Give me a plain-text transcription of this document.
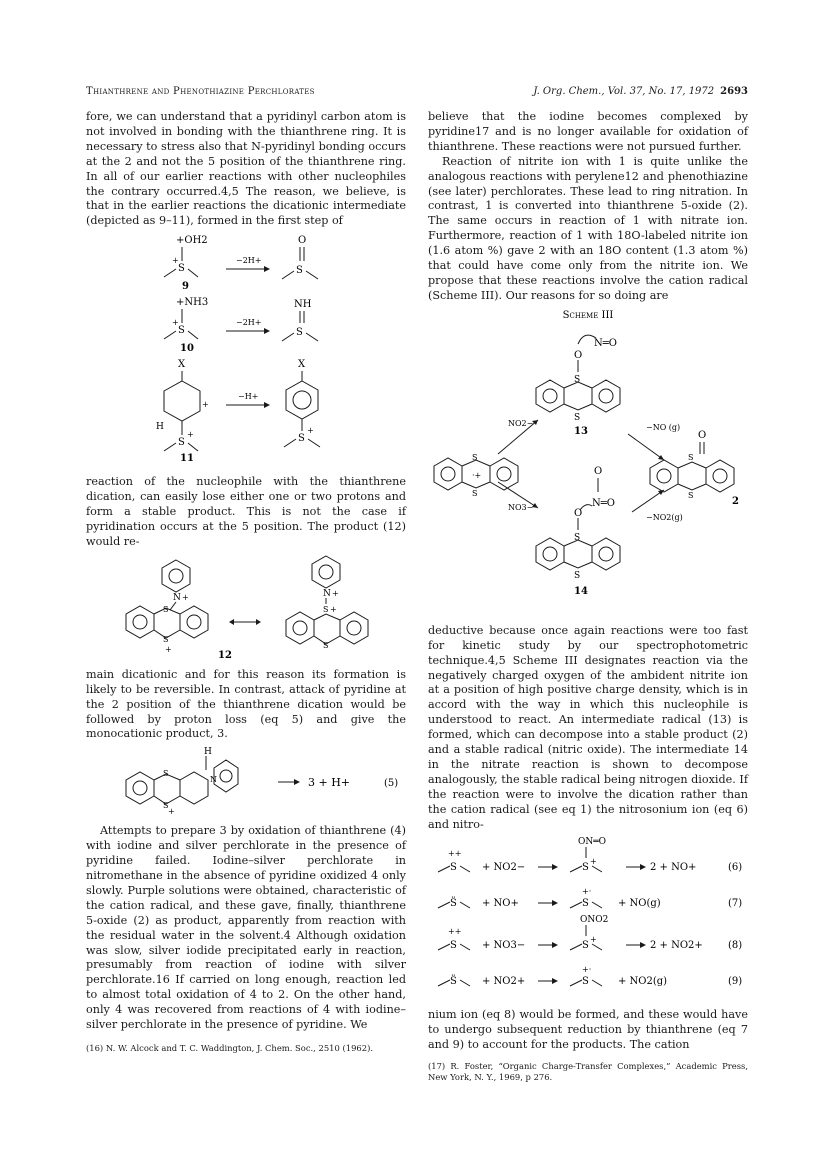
Thianthrene and Phenothiazine Perchlorates	J. Org. Chem., Vol. 37, No. 17, 1972 2693

fore, we can understand that a pyridinyl carbon atom is not involved in bonding with the thianthrene ring. It is necessary to stress also that N-pyridinyl bonding occurs at the 2 and not the 5 position of the thianthrene ring. In all of our earlier reactions with other nucleophiles the contrary occurred.4,5 The reason, we believe, is that in the earlier reactions the dicationic intermediate (depicted as 9–11), formed in the first step of

+OH2
S
+
9
−2H+
O
S
+NH3
S
+
10
−2H+
NH
S
X
+
H
S
+
11
−H+
X
S
+

reaction of the nucleophile with the thianthrene dication, can easily lose either one or two protons and form a stable product. This is not the case if pyridination occurs at the 5 position. The product (12) would re-

N +
S
S
+
N +
S +
S
12

main dicationic and for this reason its formation is likely to be reversible. In contrast, attack of pyridine at the 2 position of the thianthrene dication would be followed by proton loss (eq 5) and give the monocationic product, 3.

S
S
+
H
N	3 + H+	(5)

Attempts to prepare 3 by oxidation of thianthrene (4) with iodine and silver perchlorate in the presence of pyridine failed. Iodine–silver perchlorate in nitromethane in the absence of pyridine oxidized 4 only slowly. Purple solutions were obtained, characteristic of the cation radical, and these gave, finally, thianthrene 5-oxide (2) as product, apparently from reaction with the residual water in the solvent.4 Although oxidation was slow, silver iodide precipitated early in reaction, presumably from reaction of iodine with silver perchlorate.16 If carried on long enough, reaction led to almost total oxidation of 4 to 2. On the other hand, only 4 was recovered from reactions of 4 with iodine–silver perchlorate in the presence of pyridine. We

(16) N. W. Alcock and T. C. Waddington, J. Chem. Soc., 2510 (1962).

believe that the iodine becomes complexed by pyridine17 and is no longer available for oxidation of thianthrene. These reactions were not pursued further.

Reaction of nitrite ion with 1 is quite unlike the analogous reactions with perylene12 and phenothiazine (see later) perchlorates. These lead to ring nitration. In contrast, 1 is converted into thianthrene 5-oxide (2). The same occurs in reaction of 1 with nitrate ion. Furthermore, reaction of 1 with 18O-labeled nitrite ion (1.6 atom %) gave 2 with an 18O content (1.3 atom %) that could have come only from the nitrite ion. We propose that these reactions involve the cation radical (Scheme III). Our reasons for so doing are

Scheme III
N═O
O
S
S
13
NO2−
NO3−
S
S
·+
−NO (g)
−NO2(g)
O
S
S
2
O
N═O
O
S
S
14

deductive because once again reactions were too fast for kinetic study by our spectrophotometric technique.4,5 Scheme III designates reaction via the negatively charged oxygen of the ambident nitrite ion at a position of high positive charge density, which is in accord with the way in which this nucleophile is understood to react. An intermediate radical (13) is formed, which can decompose into a stable product (2) and a stable radical (nitric oxide). The intermediate 14 in the nitrate reaction is shown to decompose analogously, the stable radical being nitrogen dioxide. If the reaction were to involve the dication rather than the cation radical (see eq 1) the nitrosonium ion (eq 6) and nitro-

ON═O
++
S	+ NO2−	S
+
2 + NO+	(6)
S̈	+ NO+
+·
S	+ NO(g)	(7)
ONO2
++
S	+ NO3−	S
+
2 + NO2+	(8)
S̈	+ NO2+
+·
S	+ NO2(g)	(9)

nium ion (eq 8) would be formed, and these would have to undergo subsequent reduction by thianthrene (eq 7 and 9) to account for the products. The cation

(17) R. Foster, “Organic Charge-Transfer Complexes,” Academic Press, New York, N. Y., 1969, p 276.
